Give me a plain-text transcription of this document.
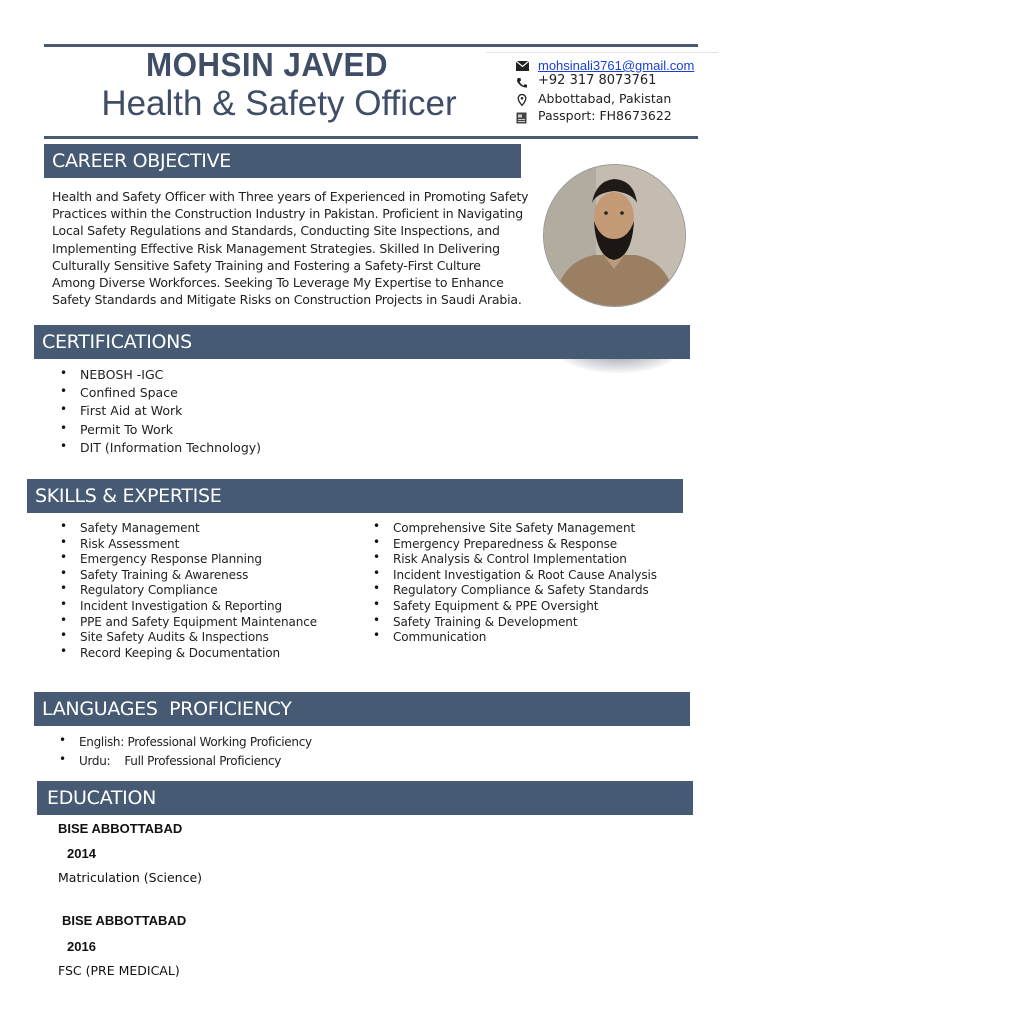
MOHSIN JAVED
Health & Safety Officer
mohsinali3761@gmail.com
+92 317 8073761
Abbottabad, Pakistan
Passport: FH8673622
CAREER OBJECTIVE
Health and Safety Officer with Three years of Experienced in Promoting Safety
Practices within the Construction Industry in Pakistan. Proficient in Navigating
Local Safety Regulations and Standards, Conducting Site Inspections, and
Implementing Effective Risk Management Strategies. Skilled In Delivering
Culturally Sensitive Safety Training and Fostering a Safety-First Culture
Among Diverse Workforces. Seeking To Leverage My Expertise to Enhance
Safety Standards and Mitigate Risks on Construction Projects in Saudi Arabia.
CERTIFICATIONS
• NEBOSH -IGC
• Confined Space
• First Aid at Work
• Permit To Work
• DIT (Information Technology)
SKILLS & EXPERTISE
• Safety Management
• Risk Assessment
• Emergency Response Planning
• Safety Training & Awareness
• Regulatory Compliance
• Incident Investigation & Reporting
• PPE and Safety Equipment Maintenance
• Site Safety Audits & Inspections
• Record Keeping & Documentation
• Comprehensive Site Safety Management
• Emergency Preparedness & Response
• Risk Analysis & Control Implementation
• Incident Investigation & Root Cause Analysis
• Regulatory Compliance & Safety Standards
• Safety Equipment & PPE Oversight
• Safety Training & Development
• Communication
LANGUAGES  PROFICIENCY
• English: Professional Working Proficiency
• Urdu:    Full Professional Proficiency
EDUCATION
BISE ABBOTTABAD
2014
Matriculation (Science)
BISE ABBOTTABAD
2016
FSC (PRE MEDICAL)
